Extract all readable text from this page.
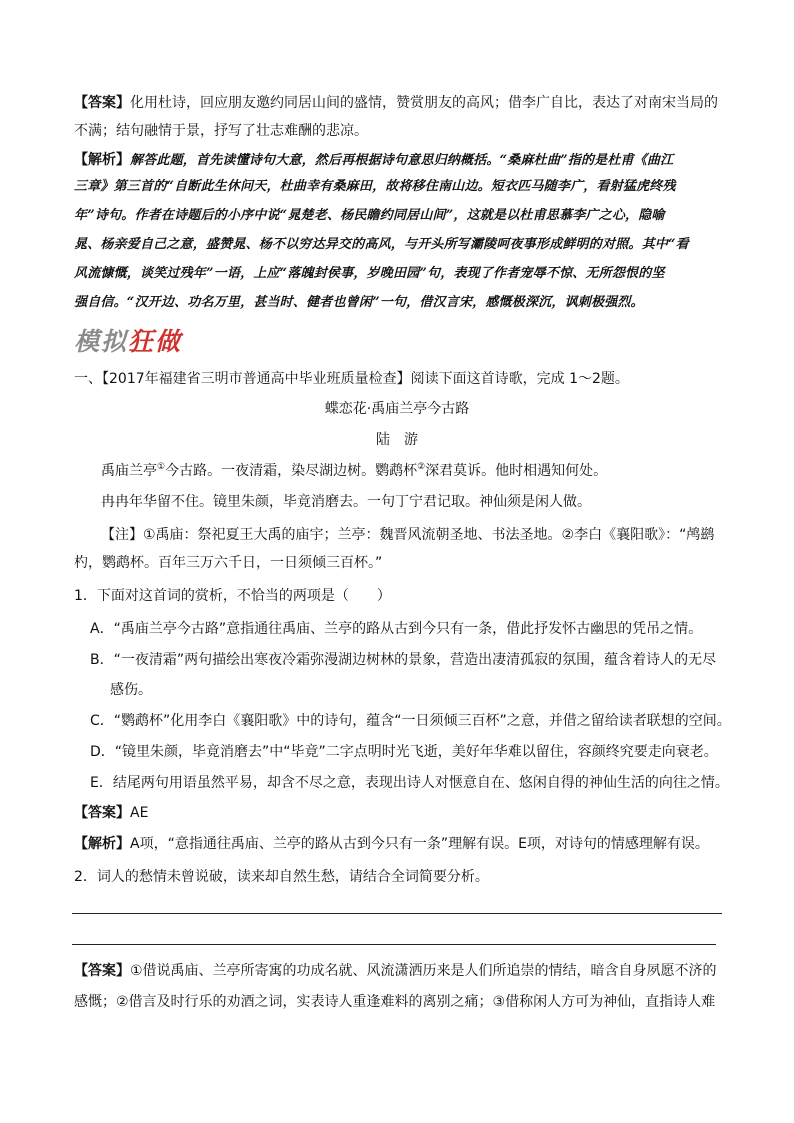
【答案】化用杜诗，回应朋友邀约同居山间的盛情，赞赏朋友的高风；借李广自比，表达了对南宋当局的
不满；结句融情于景，抒写了壮志难酬的悲凉。
【解析】解答此题，首先读懂诗句大意，然后再根据诗句意思归纳概括。“桑麻杜曲”指的是杜甫《曲江
三章》第三首的“自断此生休问天，杜曲幸有桑麻田，故将移住南山边。短衣匹马随李广，看射猛虎终残
年”诗句。作者在诗题后的小序中说“晁楚老、杨民瞻约同居山间”，这就是以杜甫思慕李广之心，隐喻
晁、杨亲爱自己之意，盛赞晁、杨不以穷达异交的高风，与开头所写灞陵呵夜事形成鲜明的对照。其中“看
风流慷慨，谈笑过残年”一语，上应“落魄封侯事，岁晚田园”句，表现了作者宠辱不惊、无所怨恨的坚
强自信。“汉开边、功名万里，甚当时、健者也曾闲”一句，借汉言宋，感慨极深沉，讽刺极强烈。
模拟狂做
一、【2017年福建省三明市普通高中毕业班质量检查】阅读下面这首诗歌，完成 1～2题。
蝶恋花·禹庙兰亭今古路
陆　游
禹庙兰亭①今古路。一夜清霜，染尽湖边树。鹦鹉杯②深君莫诉。他时相遇知何处。
冉冉年华留不住。镜里朱颜，毕竟消磨去。一句丁宁君记取。神仙须是闲人做。
【注】①禹庙：祭祀夏王大禹的庙宇；兰亭：魏晋风流朝圣地、书法圣地。②李白《襄阳歌》：“鸬鹚
杓，鹦鹉杯。百年三万六千日，一日须倾三百杯。”
1．下面对这首词的赏析，不恰当的两项是（　　）
A．“禹庙兰亭今古路”意指通往禹庙、兰亭的路从古到今只有一条，借此抒发怀古幽思的凭吊之情。
B．“一夜清霜”两句描绘出寒夜冷霜弥漫湖边树林的景象，营造出凄清孤寂的氛围，蕴含着诗人的无尽
感伤。
C．“鹦鹉杯”化用李白《襄阳歌》中的诗句，蕴含“一日须倾三百杯”之意，并借之留给读者联想的空间。
D．“镜里朱颜，毕竟消磨去”中“毕竟”二字点明时光飞逝，美好年华难以留住，容颜终究要走向衰老。
E．结尾两句用语虽然平易，却含不尽之意，表现出诗人对惬意自在、悠闲自得的神仙生活的向往之情。
【答案】AE
【解析】A项，“意指通往禹庙、兰亭的路从古到今只有一条”理解有误。E项，对诗句的情感理解有误。
2．词人的愁情未曾说破，读来却自然生愁，请结合全词简要分析。
【答案】①借说禹庙、兰亭所寄寓的功成名就、风流潇洒历来是人们所追崇的情结，暗含自身夙愿不济的
感慨；②借言及时行乐的劝酒之词，实表诗人重逢难料的离别之痛；③借称闲人方可为神仙，直指诗人难
